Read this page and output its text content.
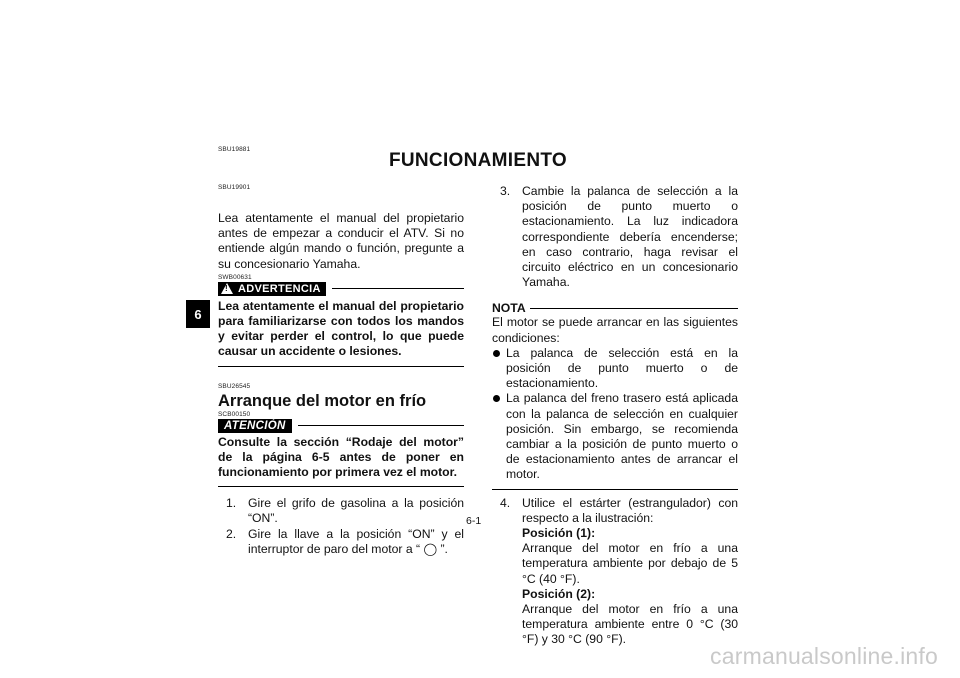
6
SBU19881
FUNCIONAMIENTO
SBU19901
Lea atentamente el manual del propietario antes de empezar a conducir el ATV. Si no entiende algún mando o función, pregunte a su concesionario Yamaha.
SWB00631
!
ADVERTENCIA
Lea atentamente el manual del propietario para familiarizarse con todos los mandos y evitar perder el control, lo que puede causar un accidente o lesiones.
SBU26545
Arranque del motor en frío
SCB00150
ATENCIÓN
Consulte la sección “Rodaje del motor” de la página 6-5 antes de poner en funcionamiento por primera vez el motor.
1. Gire el grifo de gasolina a la posición “ON”.
2. Gire la llave a la posición “ON” y el interruptor de paro del motor a “ ◯ ”.
3. Cambie la palanca de selección a la posición de punto muerto o estacionamiento. La luz indicadora correspondiente debería encenderse; en caso contrario, haga revisar el circuito eléctrico en un concesionario Yamaha.
NOTA
El motor se puede arrancar en las siguientes condiciones:
La palanca de selección está en la posición de punto muerto o de estacionamiento.
La palanca del freno trasero está aplicada con la palanca de selección en cualquier posición. Sin embargo, se recomienda cambiar a la posición de punto muerto o de estacionamiento antes de arrancar el motor.
4. Utilice el estárter (estrangulador) con respecto a la ilustración:
Posición (1):
Arranque del motor en frío a una temperatura ambiente por debajo de 5 °C (40 °F).
Posición (2):
Arranque del motor en frío a una temperatura ambiente entre 0 °C (30 °F) y 30 °C (90 °F).
6-1
carmanualsonline.info
